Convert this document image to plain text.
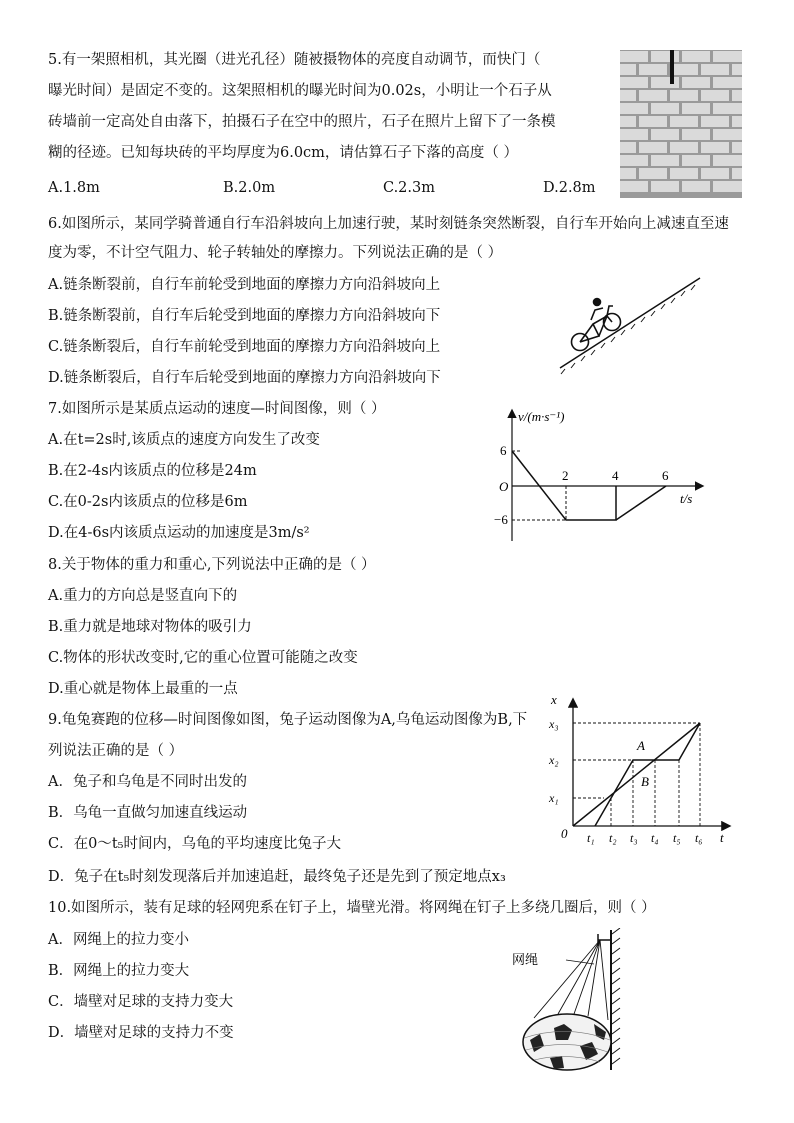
5.有一架照相机，其光圈（进光孔径）随被摄物体的亮度自动调节，而快门（
曝光时间）是固定不变的。这架照相机的曝光时间为0.02s，小明让一个石子从
砖墙前一定高处自由落下，拍摄石子在空中的照片，石子在照片上留下了一条模
糊的径迹。已知每块砖的平均厚度为6.0cm，请估算石子下落的高度（ ）
A.1.8m	B.2.0m	C.2.3m	D.2.8m
6.如图所示，某同学骑普通自行车沿斜坡向上加速行驶，某时刻链条突然断裂，自行车开始向上减速直至速
度为零，不计空气阻力、轮子转轴处的摩擦力。下列说法正确的是（ ）
A.链条断裂前，自行车前轮受到地面的摩擦力方向沿斜坡向上
B.链条断裂前，自行车后轮受到地面的摩擦力方向沿斜坡向下
C.链条断裂后，自行车前轮受到地面的摩擦力方向沿斜坡向上
D.链条断裂后，自行车后轮受到地面的摩擦力方向沿斜坡向下
7.如图所示是某质点运动的速度—时间图像，则（ ）
A.在t=2s时,该质点的速度方向发生了改变
B.在2-4s内该质点的位移是24m
C.在0-2s内该质点的位移是6m
D.在4-6s内该质点运动的加速度是3m/s²
v/(m·s⁻¹)
t/s
O
6
−6
2	4	6
8.关于物体的重力和重心,下列说法中正确的是（ ）
A.重力的方向总是竖直向下的
B.重力就是地球对物体的吸引力
C.物体的形状改变时,它的重心位置可能随之改变
D.重心就是物体上最重的一点
9.龟兔赛跑的位移—时间图像如图，兔子运动图像为A,乌龟运动图像为B,下
列说法正确的是（ ）
A．兔子和乌龟是不同时出发的
B．乌龟一直做匀加速直线运动
C．在0～t₅时间内，乌龟的平均速度比兔子大
D．兔子在t₅时刻发现落后并加速追赶，最终兔子还是先到了预定地点x₃
x
t
0
x₁
x₂
x₃
t₁ t₂ t₃ t₄ t₅ t₆
A
B
10.如图所示，装有足球的轻网兜系在钉子上，墙壁光滑。将网绳在钉子上多绕几圈后，则（ ）
A．网绳上的拉力变小
B．网绳上的拉力变大
C．墙壁对足球的支持力变大
D．墙壁对足球的支持力不变
网绳
